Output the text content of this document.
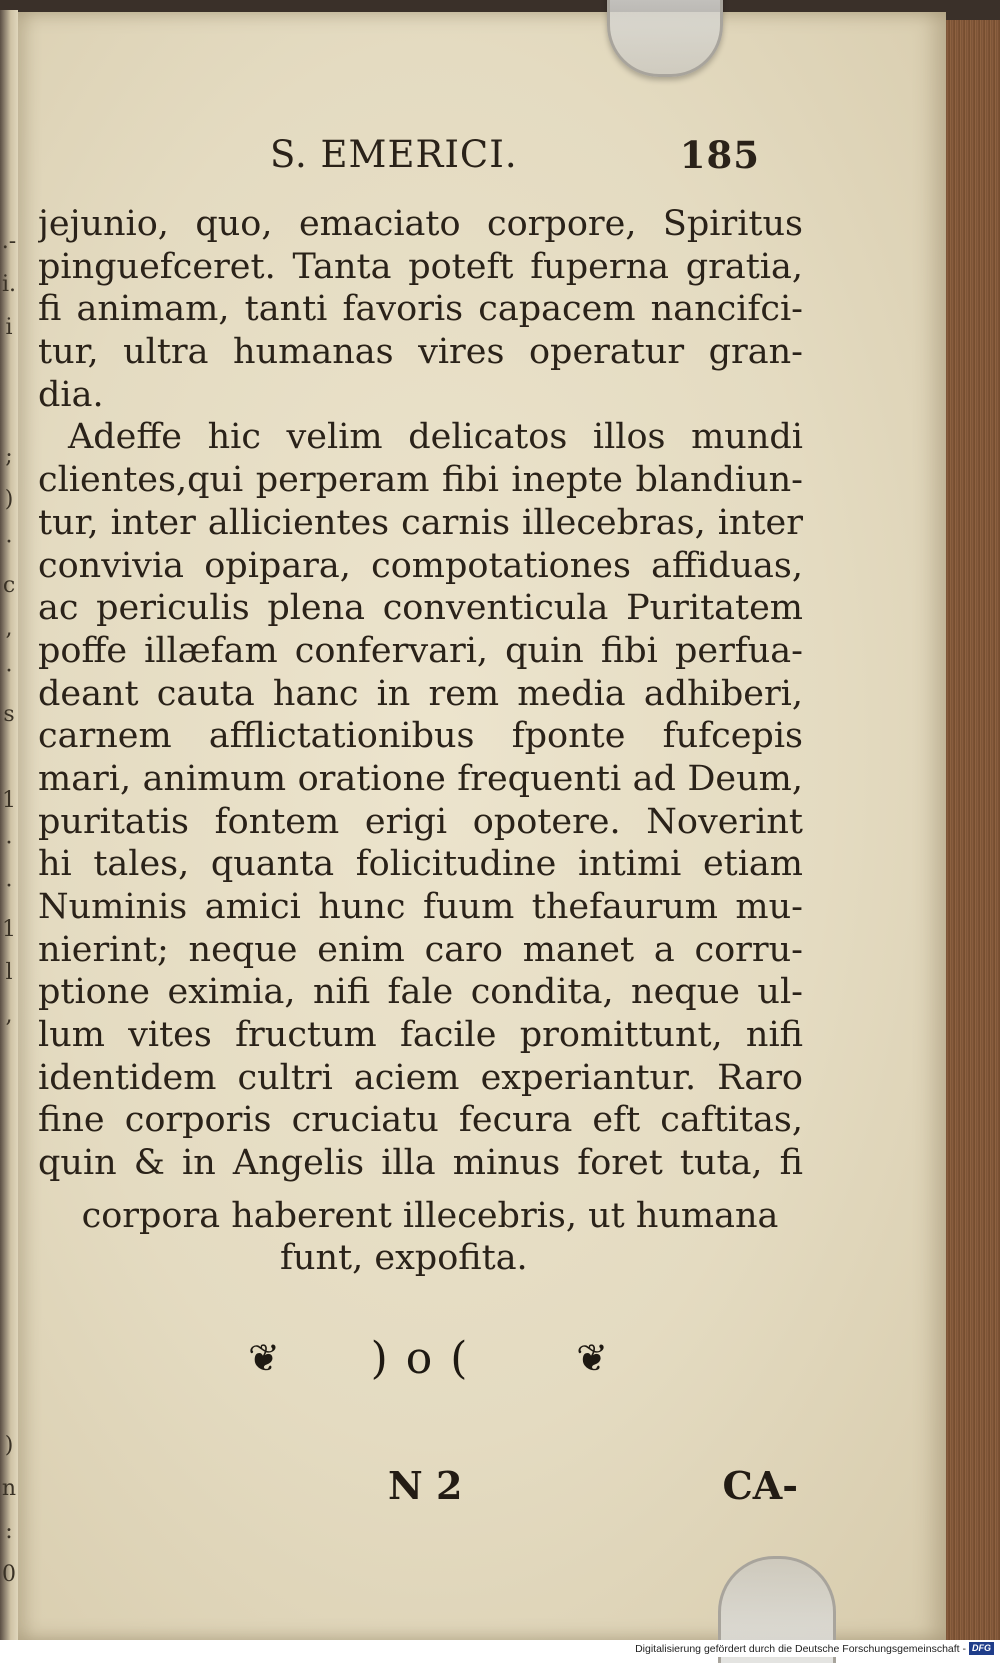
.-
i.
i
;
)
·
c
,
·
s
1
·
·
1
l
,
)
n
:
0
S. EMERICI.	185
jejunio, quo, emaciato corpore, Spiritus
pinguefceret. Tanta poteft fuperna gratia,
fi animam, tanti favoris capacem nancifci-
tur, ultra humanas vires operatur gran-
dia.
Adeffe hic velim delicatos illos mundi
clientes,qui perperam fibi inepte blandiun-
tur, inter allicientes carnis illecebras, inter
convivia opipara, compotationes affiduas,
ac periculis plena conventicula Puritatem
poffe illæfam confervari, quin fibi perfua-
deant cauta hanc in rem media adhiberi,
carnem afflictationibus fponte fufcepis
mari, animum oratione frequenti ad Deum,
puritatis fontem erigi opotere. Noverint
hi tales, quanta folicitudine intimi etiam
Numinis amici hunc fuum thefaurum mu-
nierint; neque enim caro manet a corru-
ptione eximia, nifi fale condita, neque ul-
lum vites fructum facile promittunt, nifi
identidem cultri aciem experiantur. Raro
fine corporis cruciatu fecura eft caftitas,
quin & in Angelis illa minus foret tuta, fi
corpora haberent illecebris, ut humana
funt, expofita.
❦ )o( ❦
N 2	CA-
Digitalisierung gefördert durch die Deutsche Forschungsgemeinschaft - DFG
